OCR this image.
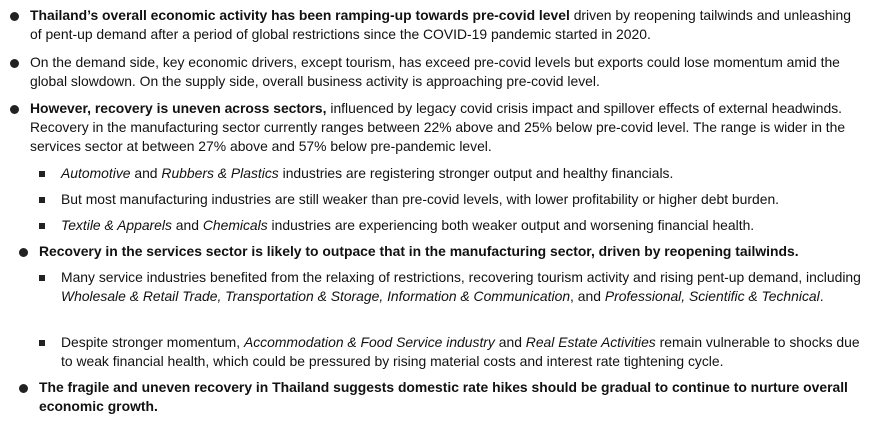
Thailand’s overall economic activity has been ramping-up towards pre-covid level driven by reopening tailwinds and unleashing of pent-up demand after a period of global restrictions since the COVID-19 pandemic started in 2020.
On the demand side, key economic drivers, except tourism, has exceed pre-covid levels but exports could lose momentum amid the global slowdown. On the supply side, overall business activity is approaching pre-covid level.
However, recovery is uneven across sectors, influenced by legacy covid crisis impact and spillover effects of external headwinds. Recovery in the manufacturing sector currently ranges between 22% above and 25% below pre-covid level. The range is wider in the services sector at between 27% above and 57% below pre-pandemic level.
Automotive and Rubbers & Plastics industries are registering stronger output and healthy financials.
But most manufacturing industries are still weaker than pre-covid levels, with lower profitability or higher debt burden.
Textile & Apparels and Chemicals industries are experiencing both weaker output and worsening financial health.
Recovery in the services sector is likely to outpace that in the manufacturing sector, driven by reopening tailwinds.
Many service industries benefited from the relaxing of restrictions, recovering tourism activity and rising pent-up demand, including Wholesale & Retail Trade, Transportation & Storage, Information & Communication, and Professional, Scientific & Technical.
Despite stronger momentum, Accommodation & Food Service industry and Real Estate Activities remain vulnerable to shocks due to weak financial health, which could be pressured by rising material costs and interest rate tightening cycle.
The fragile and uneven recovery in Thailand suggests domestic rate hikes should be gradual to continue to nurture overall economic growth.
